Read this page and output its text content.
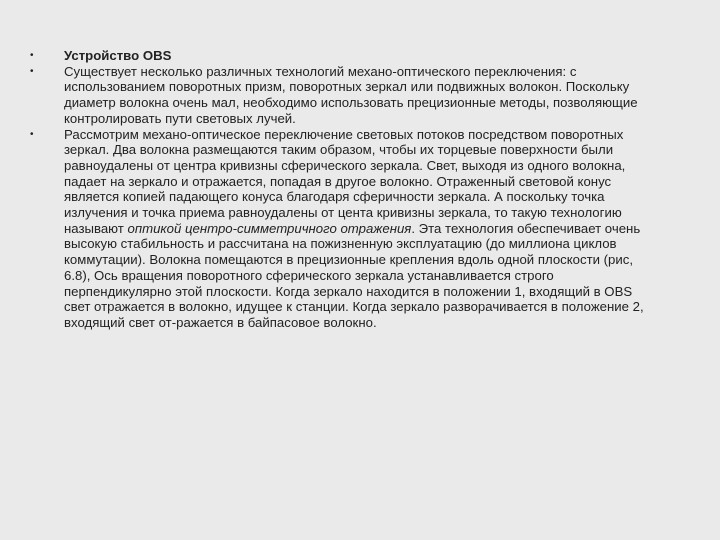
•	Устройство OBS
•	Существует несколько различных технологий механо-оптического переключения: с использованием поворотных призм, поворотных зеркал или подвижных волокон. Поскольку диаметр волокна очень мал, необходимо использовать прецизионные методы, позволяющие контролировать пути световых лучей.
•	Рассмотрим механо-оптическое переключение световых потоков посредством поворотных зеркал. Два волокна размещаются таким образом, чтобы их торцевые поверхности были равноудалены от центра кривизны сферического зеркала. Свет, выходя из одного волокна, падает на зеркало и отражается, попадая в другое волокно. Отраженный световой конус является копией падающего конуса благодаря сферичности зеркала. А поскольку точка излучения и точка приема равноудалены от цента кривизны зеркала, то такую технологию называют оптикой центро-симметричного отражения. Эта технология обеспечивает очень высокую стабильность и рассчитана на пожизненную эксплуатацию (до миллиона циклов коммутации). Волокна помещаются в прецизионные крепления вдоль одной плоскости (рис, 6.8), Ось вращения поворотного сферического зеркала устанавливается строго перпендикулярно этой плоскости. Когда зеркало находится в положении 1, входящий в OBS свет отражается в волокно, идущее к станции. Когда зеркало разворачивается в положение 2, входящий свет от-ражается в байпасовое волокно.
